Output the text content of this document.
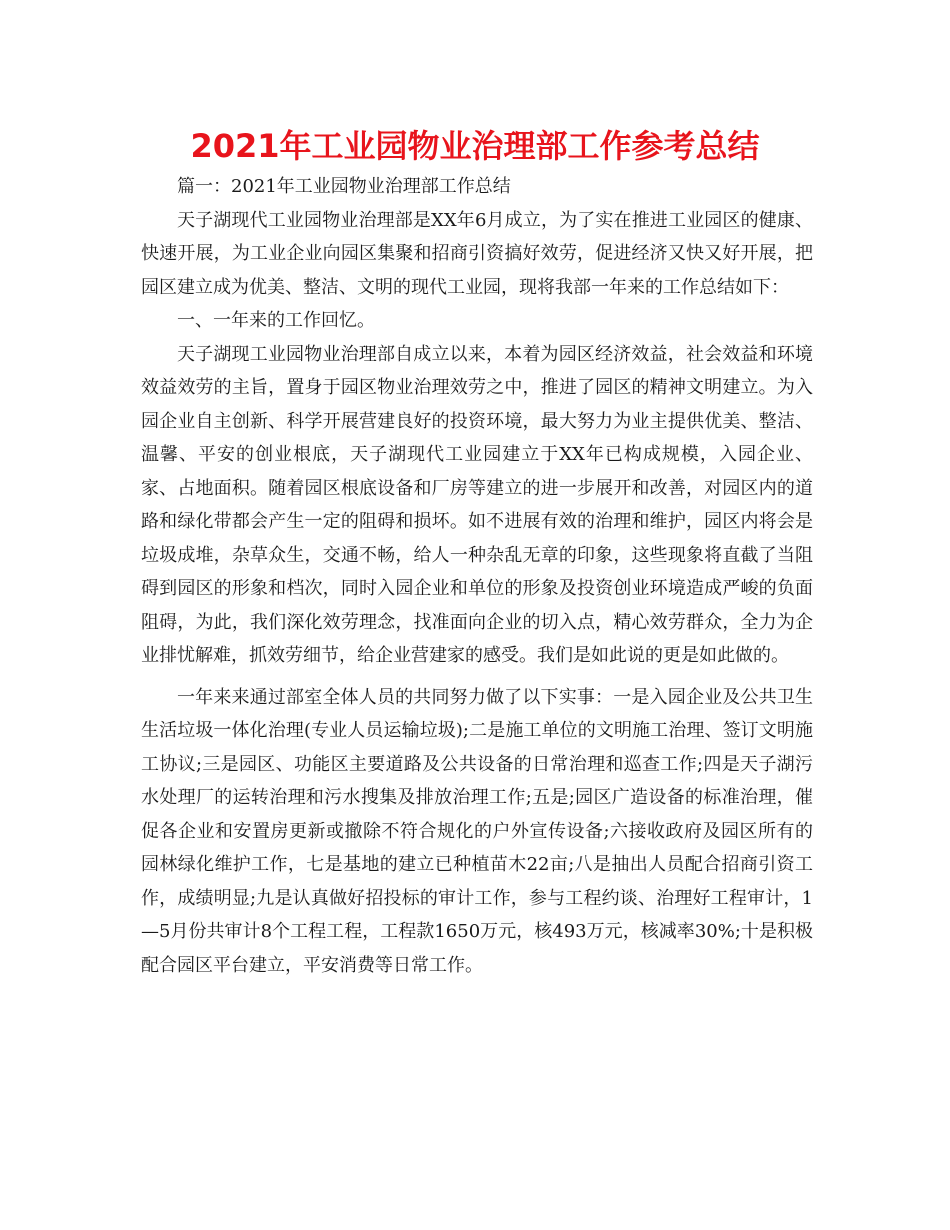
2021年工业园物业治理部工作参考总结

篇一：2021年工业园物业治理部工作总结

天子湖现代工业园物业治理部是XX年6月成立，为了实在推进工业园区的健康、快速开展，为工业企业向园区集聚和招商引资搞好效劳，促进经济又快又好开展，把园区建立成为优美、整洁、文明的现代工业园，现将我部一年来的工作总结如下：

一、一年来的工作回忆。

天子湖现工业园物业治理部自成立以来，本着为园区经济效益，社会效益和环境效益效劳的主旨，置身于园区物业治理效劳之中，推进了园区的精神文明建立。为入园企业自主创新、科学开展营建良好的投资环境，最大努力为业主提供优美、整洁、温馨、平安的创业根底，天子湖现代工业园建立于XX年已构成规模，入园企业、家、占地面积。随着园区根底设备和厂房等建立的进一步展开和改善，对园区内的道路和绿化带都会产生一定的阻碍和损坏。如不进展有效的治理和维护，园区内将会是垃圾成堆，杂草众生，交通不畅，给人一种杂乱无章的印象，这些现象将直截了当阻碍到园区的形象和档次，同时入园企业和单位的形象及投资创业环境造成严峻的负面阻碍，为此，我们深化效劳理念，找准面向企业的切入点，精心效劳群众，全力为企业排忧解难，抓效劳细节，给企业营建家的感受。我们是如此说的更是如此做的。

一年来来通过部室全体人员的共同努力做了以下实事：一是入园企业及公共卫生生活垃圾一体化治理(专业人员运输垃圾);二是施工单位的文明施工治理、签订文明施工协议;三是园区、功能区主要道路及公共设备的日常治理和巡查工作;四是天子湖污水处理厂的运转治理和污水搜集及排放治理工作;五是;园区广造设备的标准治理，催促各企业和安置房更新或撤除不符合规化的户外宣传设备;六接收政府及园区所有的园林绿化维护工作，七是基地的建立已种植苗木22亩;八是抽出人员配合招商引资工作，成绩明显;九是认真做好招投标的审计工作，参与工程约谈、治理好工程审计，1—5月份共审计8个工程工程，工程款1650万元，核493万元，核减率30%;十是积极配合园区平台建立，平安消费等日常工作。
